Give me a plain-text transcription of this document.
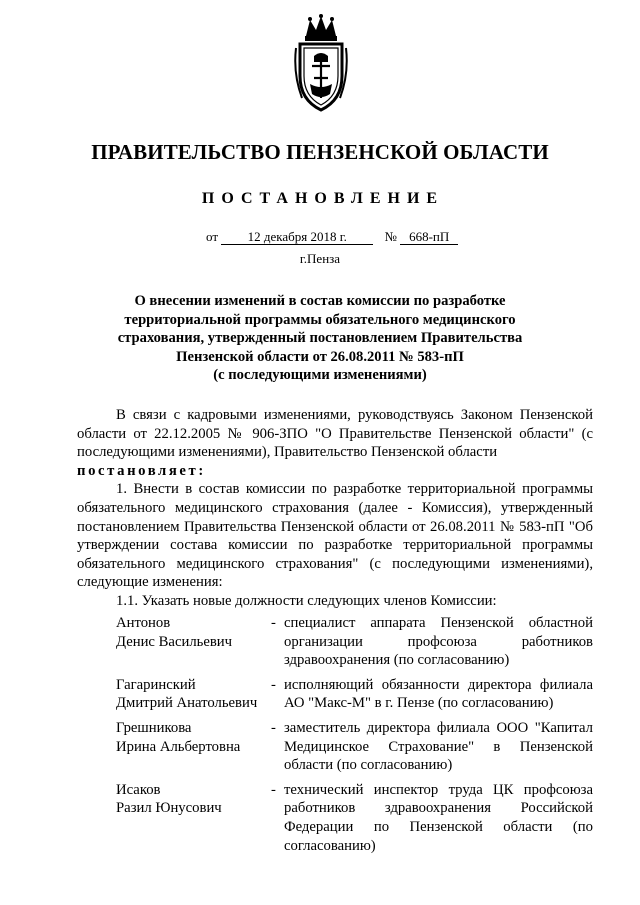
ПРАВИТЕЛЬСТВО ПЕНЗЕНСКОЙ ОБЛАСТИ
ПОСТАНОВЛЕНИЕ
от 12 декабря 2018 г.	№ 668-пП
г.Пенза
О внесении изменений в состав комиссии по разработке
территориальной программы обязательного медицинского
страхования, утвержденный постановлением Правительства
Пензенской области от 26.08.2011 № 583-пП
(с последующими изменениями)

В связи с кадровыми изменениями, руководствуясь Законом Пензенской области от 22.12.2005 № 906-ЗПО "О Правительстве Пензенской области" (с последующими изменениями), Правительство Пензенской области

постановляет:

1. Внести в состав комиссии по разработке территориальной программы обязательного медицинского страхования (далее - Комиссия), утвержденный постановлением Правительства Пензенской области от 26.08.2011 № 583-пП "Об утверждении состава комиссии по разработке территориальной программы обязательного медицинского страхования" (с последующими изменениями), следующие изменения:

1.1. Указать новые должности следующих членов Комиссии:

Антонов
Денис Васильевич
- специалист аппарата Пензенской областной организации профсоюза работников здравоохранения (по согласованию)
Гагаринский
Дмитрий Анатольевич
- исполняющий обязанности директора филиала АО "Макс-М" в г. Пензе (по согласованию)
Грешникова
Ирина Альбертовна
- заместитель директора филиала ООО "Капитал Медицинское Страхование" в Пензенской области (по согласованию)
Исаков
Разил Юнусович
- технический инспектор труда ЦК профсоюза работников здравоохранения Российской Федерации по Пензенской области (по согласованию)
